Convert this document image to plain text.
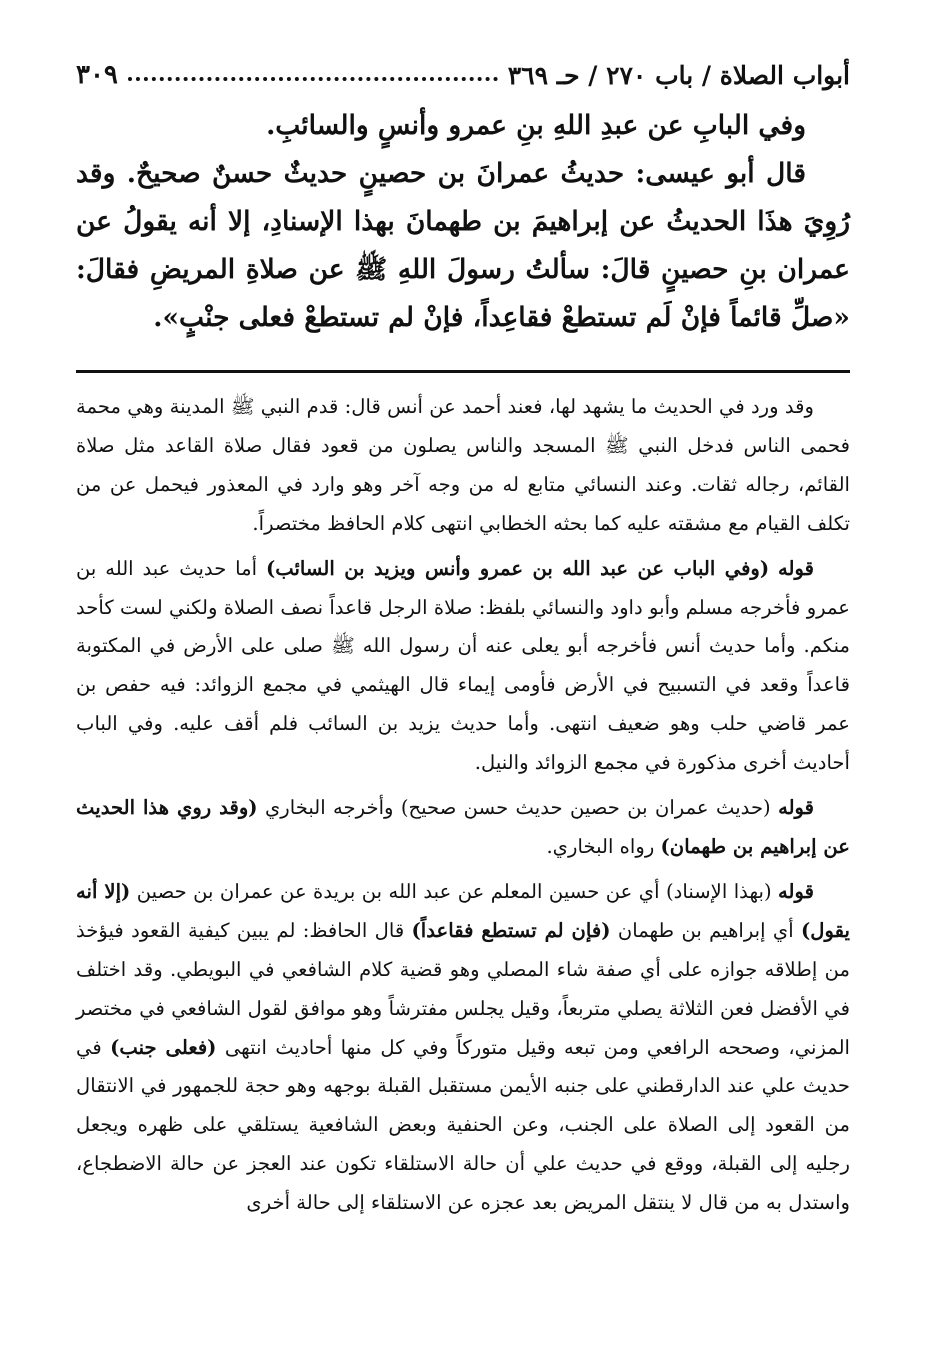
أبواب الصلاة / باب ٢٧٠ / حـ ٣٦٩
٣٠٩

وفي البابِ عن عبدِ اللهِ بنِ عمرو وأنسٍ والسائبِ.

قال أبو عيسى: حديثُ عمرانَ بن حصينٍ حديثٌ حسنٌ صحيحٌ. وقد رُوِيَ هذَا الحديثُ عن إبراهيمَ بن طهمانَ بهذا الإسنادِ، إلا أنه يقولُ عن عمران بنِ حصينٍ قالَ: سألتُ رسولَ اللهِ ﷺ عن صلاةِ المريضِ فقالَ: «صلِّ قائماً فإنْ لَم تستطعْ فقاعِداً، فإنْ لم تستطعْ فعلى جنْبٍ».

وقد ورد في الحديث ما يشهد لها، فعند أحمد عن أنس قال: قدم النبي ﷺ المدينة وهي محمة فحمى الناس فدخل النبي ﷺ المسجد والناس يصلون من قعود فقال صلاة القاعد مثل صلاة القائم، رجاله ثقات. وعند النسائي متابع له من وجه آخر وهو وارد في المعذور فيحمل عن من تكلف القيام مع مشقته عليه كما بحثه الخطابي انتهى كلام الحافظ مختصراً.

قوله (وفي الباب عن عبد الله بن عمرو وأنس ويزيد بن السائب) أما حديث عبد الله بن عمرو فأخرجه مسلم وأبو داود والنسائي بلفظ: صلاة الرجل قاعداً نصف الصلاة ولكني لست كأحد منكم. وأما حديث أنس فأخرجه أبو يعلى عنه أن رسول الله ﷺ صلى على الأرض في المكتوبة قاعداً وقعد في التسبيح في الأرض فأومى إيماء قال الهيثمي في مجمع الزوائد: فيه حفص بن عمر قاضي حلب وهو ضعيف انتهى. وأما حديث يزيد بن السائب فلم أقف عليه. وفي الباب أحاديث أخرى مذكورة في مجمع الزوائد والنيل.

قوله (حديث عمران بن حصين حديث حسن صحيح) وأخرجه البخاري (وقد روي هذا الحديث عن إبراهيم بن طهمان) رواه البخاري.

قوله (بهذا الإسناد) أي عن حسين المعلم عن عبد الله بن بريدة عن عمران بن حصين (إلا أنه يقول) أي إبراهيم بن طهمان (فإن لم تستطع فقاعداً) قال الحافظ: لم يبين كيفية القعود فيؤخذ من إطلاقه جوازه على أي صفة شاء المصلي وهو قضية كلام الشافعي في البويطي. وقد اختلف في الأفضل فعن الثلاثة يصلي متربعاً، وقيل يجلس مفترشاً وهو موافق لقول الشافعي في مختصر المزني، وصححه الرافعي ومن تبعه وقيل متوركاً وفي كل منها أحاديث انتهى (فعلى جنب) في حديث علي عند الدارقطني على جنبه الأيمن مستقبل القبلة بوجهه وهو حجة للجمهور في الانتقال من القعود إلى الصلاة على الجنب، وعن الحنفية وبعض الشافعية يستلقي على ظهره ويجعل رجليه إلى القبلة، ووقع في حديث علي أن حالة الاستلقاء تكون عند العجز عن حالة الاضطجاع، واستدل به من قال لا ينتقل المريض بعد عجزه عن الاستلقاء إلى حالة أخرى
